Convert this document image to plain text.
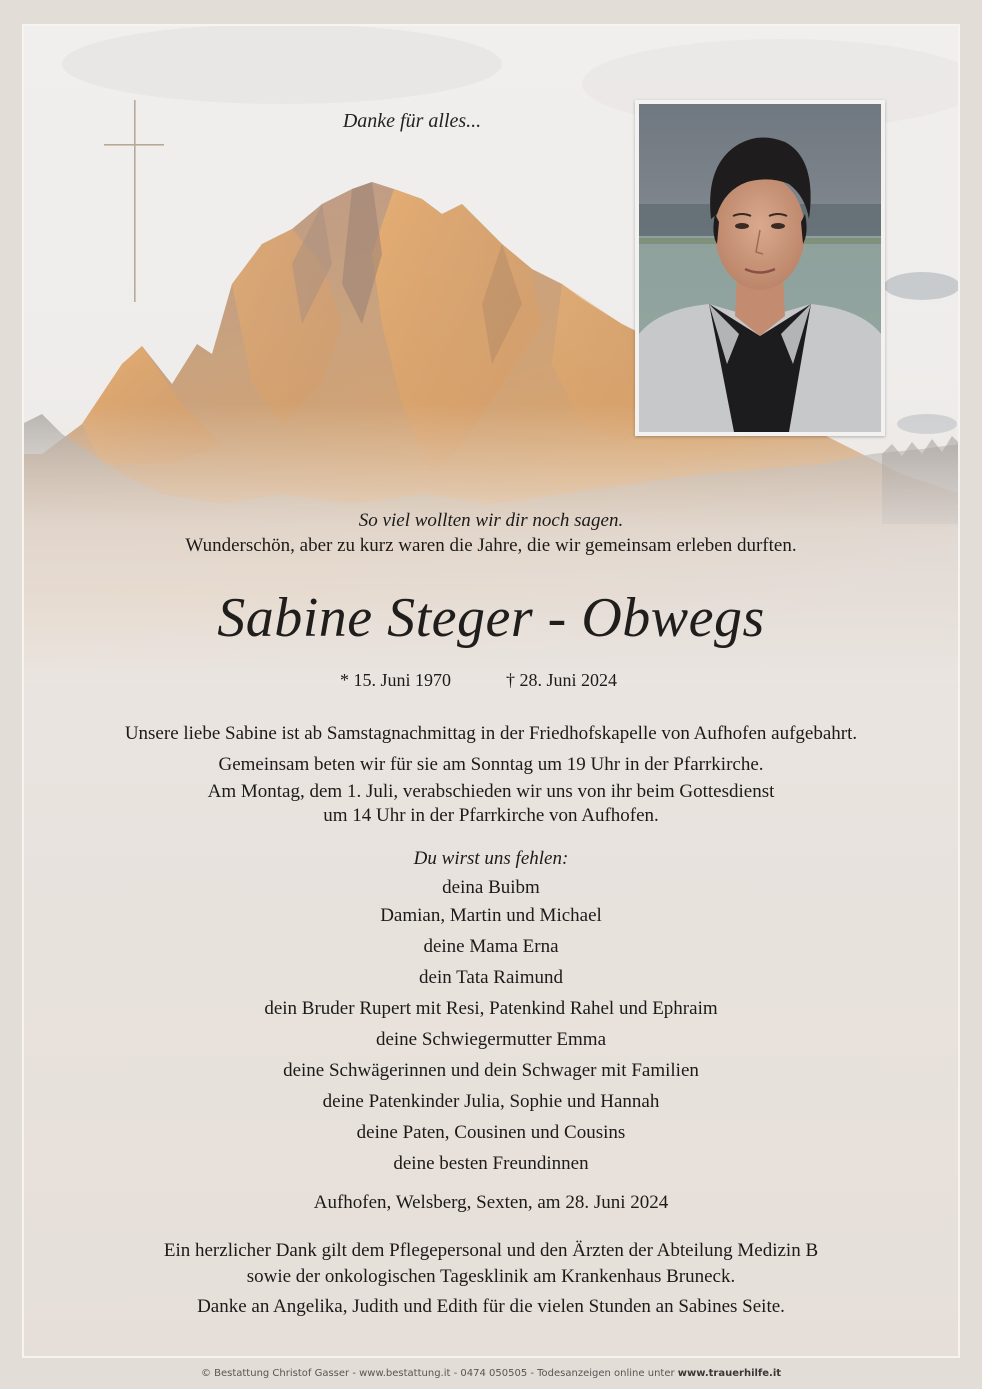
Danke für alles...
So viel wollten wir dir noch sagen.
Wunderschön, aber zu kurz waren die Jahre, die wir gemeinsam erleben durften.
Sabine Steger - Obwegs
* 15. Juni 1970	† 28. Juni 2024
Unsere liebe Sabine ist ab Samstagnachmittag in der Friedhofskapelle von Aufhofen aufgebahrt.
Gemeinsam beten wir für sie am Sonntag um 19 Uhr in der Pfarrkirche.
Am Montag, dem 1. Juli, verabschieden wir uns von ihr beim Gottesdienst
um 14 Uhr in der Pfarrkirche von Aufhofen.
Du wirst uns fehlen:
deina Buibm
Damian, Martin und Michael
deine Mama Erna
dein Tata Raimund
dein Bruder Rupert mit Resi, Patenkind Rahel und Ephraim
deine Schwiegermutter Emma
deine Schwägerinnen und dein Schwager mit Familien
deine Patenkinder Julia, Sophie und Hannah
deine Paten, Cousinen und Cousins
deine besten Freundinnen
Aufhofen, Welsberg, Sexten, am 28. Juni 2024
Ein herzlicher Dank gilt dem Pflegepersonal und den Ärzten der Abteilung Medizin B
sowie der onkologischen Tagesklinik am Krankenhaus Bruneck.
Danke an Angelika, Judith und Edith für die vielen Stunden an Sabines Seite.
© Bestattung Christof Gasser - www.bestattung.it - 0474 050505 - Todesanzeigen online unter www.trauerhilfe.it
